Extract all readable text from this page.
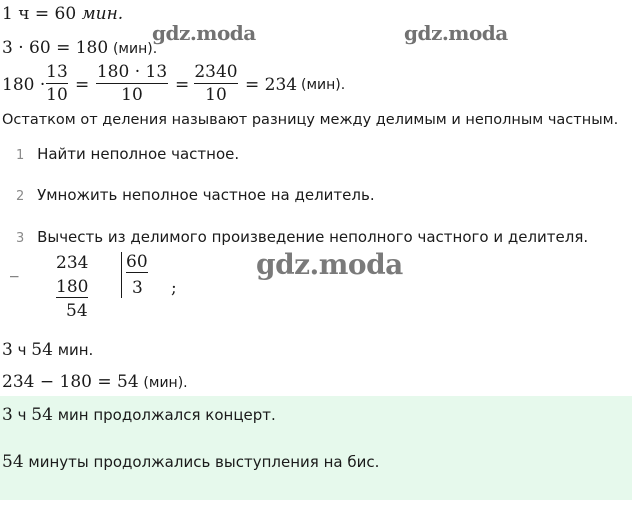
1 ч = 60 мин.
3 · 60 = 180 (мин).
180 ·
13
10 =
180 · 13
10	=
2340
10	= 234 (мин).
Остатком от деления называют разницу между делимым и неполным частным.
1 Найти неполное частное.
2 Умножить неполное частное на делитель.
3 Вычесть из делимого произведение неполного частного и делителя.
_ 234
180
54
60
3 ;
3 ч 54 мин.
234 − 180 = 54 (мин).
3 ч 54 мин продолжался концерт.
54 минуты продолжались выступления на бис.
gdz.moda	gdz.moda
gdz.moda
